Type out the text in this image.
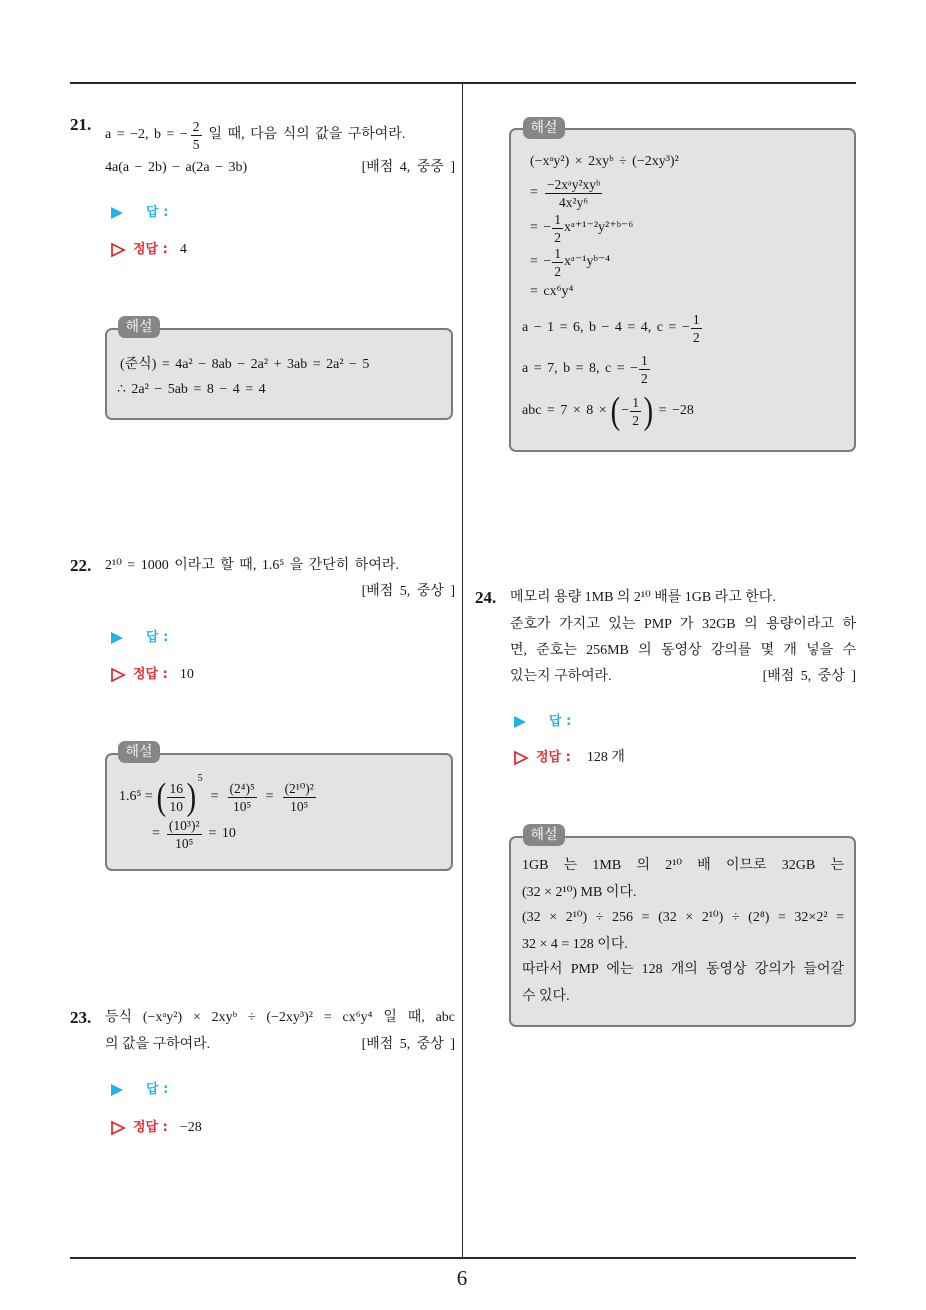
6
21.
a = −2, b = − $\frac{2}{5}$ 일 때, 다음 식의 값을 구하여라.
4a(a − 2b) − a(2a − 3b)	[배점 4, 중중 ]
답 :
정답 : 4
해설
(준식) = 4a² − 8ab − 2a² + 3ab = 2a² − 5
∴ 2a² − 5ab = 8 − 4 = 4
22. 2¹⁰ = 1000 이라고 할 때, 1.6⁵ 을 간단히 하여라.
[배점 5, 중상 ]
답 :
정답 : 10
해설
1.6⁵ = ( $\frac{16}{10}$ ) 5
= $\frac{\text{(2⁴)⁵}}{\text{10⁵}} = \frac{\text{(2¹⁰)²}}{\text{10⁵}}$
= $\frac{\text{(10³)²}}{\text{10⁵}} = 10$
23. 등식 (−xᵃy²) × 2xyᵇ ÷ (−2xy³)² = cx⁶y⁴ 일 때, abc
의 값을 구하여라.	[배점 5, 중상 ]
답 :
정답 : −28
해설
(−xᵃy²) × 2xyᵇ ÷ (−2xy³)²
= $\frac{\text{−2xᵃy²xyᵇ}}{\text{4x²y⁶}}$
= − $\frac{1}{2}$ xᵃ⁺¹⁻²y²⁺ᵇ⁻⁶
= − $\frac{1}{2}$ xᵃ⁻¹yᵇ⁻⁴
= cx⁶y⁴
a − 1 = 6, b − 4 = 4, c = − $\frac{1}{2}$
a = 7, b = 8, c = − $\frac{1}{2}$
abc = 7 × 8 × ( − $\frac{1}{2}$ ) = −28
24. 메모리 용량 1MB 의 2¹⁰ 배를 1GB 라고 한다.
준호가 가지고 있는 PMP 가 32GB 의 용량이라고 하
면, 준호는 256MB 의 동영상 강의를 몇 개 넣을 수
있는지 구하여라.	[배점 5, 중상 ]
답 :
정답 : 128 개
해설
1GB 는 1MB 의 2¹⁰ 배 이므로 32GB 는
(32 × 2¹⁰) MB 이다.
(32 × 2¹⁰) ÷ 256 = (32 × 2¹⁰) ÷ (2⁸) = 32×2² =
32 × 4 = 128 이다.
따라서 PMP 에는 128 개의 동영상 강의가 들어갈
수 있다.
